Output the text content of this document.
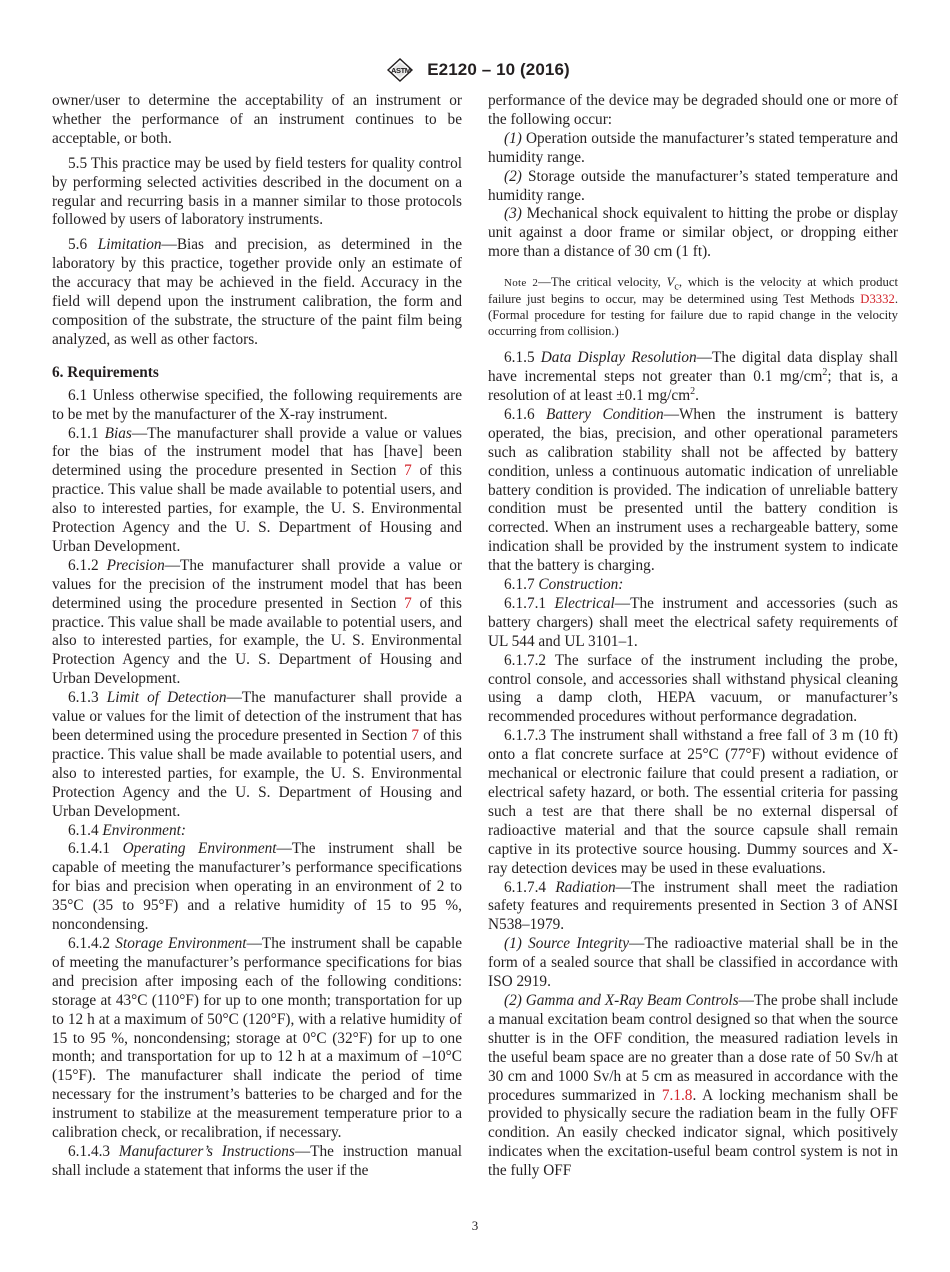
ASTM E2120 – 10 (2016)

owner/user to determine the acceptability of an instrument or whether the performance of an instrument continues to be acceptable, or both.

5.5 This practice may be used by field testers for quality control by performing selected activities described in the document on a regular and recurring basis in a manner similar to those protocols followed by users of laboratory instruments.

5.6 Limitation—Bias and precision, as determined in the laboratory by this practice, together provide only an estimate of the accuracy that may be achieved in the field. Accuracy in the field will depend upon the instrument calibration, the form and composition of the substrate, the structure of the paint film being analyzed, as well as other factors.

6. Requirements

6.1 Unless otherwise specified, the following requirements are to be met by the manufacturer of the X-ray instrument.

6.1.1 Bias—The manufacturer shall provide a value or values for the bias of the instrument model that has [have] been determined using the procedure presented in Section 7 of this practice. This value shall be made available to potential users, and also to interested parties, for example, the U. S. Environmental Protection Agency and the U. S. Department of Housing and Urban Development.

6.1.2 Precision—The manufacturer shall provide a value or values for the precision of the instrument model that has been determined using the procedure presented in Section 7 of this practice. This value shall be made available to potential users, and also to interested parties, for example, the U. S. Environmental Protection Agency and the U. S. Department of Housing and Urban Development.

6.1.3 Limit of Detection—The manufacturer shall provide a value or values for the limit of detection of the instrument that has been determined using the procedure presented in Section 7 of this practice. This value shall be made available to potential users, and also to interested parties, for example, the U. S. Environmental Protection Agency and the U. S. Department of Housing and Urban Development.

6.1.4 Environment:

6.1.4.1 Operating Environment—The instrument shall be capable of meeting the manufacturer’s performance specifications for bias and precision when operating in an environment of 2 to 35°C (35 to 95°F) and a relative humidity of 15 to 95 %, noncondensing.

6.1.4.2 Storage Environment—The instrument shall be capable of meeting the manufacturer’s performance specifications for bias and precision after imposing each of the following conditions: storage at 43°C (110°F) for up to one month; transportation for up to 12 h at a maximum of 50°C (120°F), with a relative humidity of 15 to 95 %, noncondensing; storage at 0°C (32°F) for up to one month; and transportation for up to 12 h at a maximum of –10°C (15°F). The manufacturer shall indicate the period of time necessary for the instrument’s batteries to be charged and for the instrument to stabilize at the measurement temperature prior to a calibration check, or recalibration, if necessary.

6.1.4.3 Manufacturer’s Instructions—The instruction manual shall include a statement that informs the user if the

performance of the device may be degraded should one or more of the following occur:

(1) Operation outside the manufacturer’s stated temperature and humidity range.

(2) Storage outside the manufacturer’s stated temperature and humidity range.

(3) Mechanical shock equivalent to hitting the probe or display unit against a door frame or similar object, or dropping either more than a distance of 30 cm (1 ft).

Note 2—The critical velocity, $V_c$, which is the velocity at which product failure just begins to occur, may be determined using Test Methods D3332. (Formal procedure for testing for failure due to rapid change in the velocity occurring from collision.)

6.1.5 Data Display Resolution—The digital data display shall have incremental steps not greater than 0.1 $mg/cm^2$; that is, a resolution of at least ±0.1 $mg/cm^2$.

6.1.6 Battery Condition—When the instrument is battery operated, the bias, precision, and other operational parameters such as calibration stability shall not be affected by battery condition, unless a continuous automatic indication of unreliable battery condition is provided. The indication of unreliable battery condition must be presented until the battery condition is corrected. When an instrument uses a rechargeable battery, some indication shall be provided by the instrument system to indicate that the battery is charging.

6.1.7 Construction:

6.1.7.1 Electrical—The instrument and accessories (such as battery chargers) shall meet the electrical safety requirements of UL 544 and UL 3101–1.

6.1.7.2 The surface of the instrument including the probe, control console, and accessories shall withstand physical cleaning using a damp cloth, HEPA vacuum, or manufacturer’s recommended procedures without performance degradation.

6.1.7.3 The instrument shall withstand a free fall of 3 m (10 ft) onto a flat concrete surface at 25°C (77°F) without evidence of mechanical or electronic failure that could present a radiation, or electrical safety hazard, or both. The essential criteria for passing such a test are that there shall be no external dispersal of radioactive material and that the source capsule shall remain captive in its protective source housing. Dummy sources and X-ray detection devices may be used in these evaluations.

6.1.7.4 Radiation—The instrument shall meet the radiation safety features and requirements presented in Section 3 of ANSI N538–1979.

(1) Source Integrity—The radioactive material shall be in the form of a sealed source that shall be classified in accordance with ISO 2919.

(2) Gamma and X-Ray Beam Controls—The probe shall include a manual excitation beam control designed so that when the source shutter is in the OFF condition, the measured radiation levels in the useful beam space are no greater than a dose rate of 50 Sv/h at 30 cm and 1000 Sv/h at 5 cm as measured in accordance with the procedures summarized in 7.1.8. A locking mechanism shall be provided to physically secure the radiation beam in the fully OFF condition. An easily checked indicator signal, which positively indicates when the excitation-useful beam control system is not in the fully OFF

3
